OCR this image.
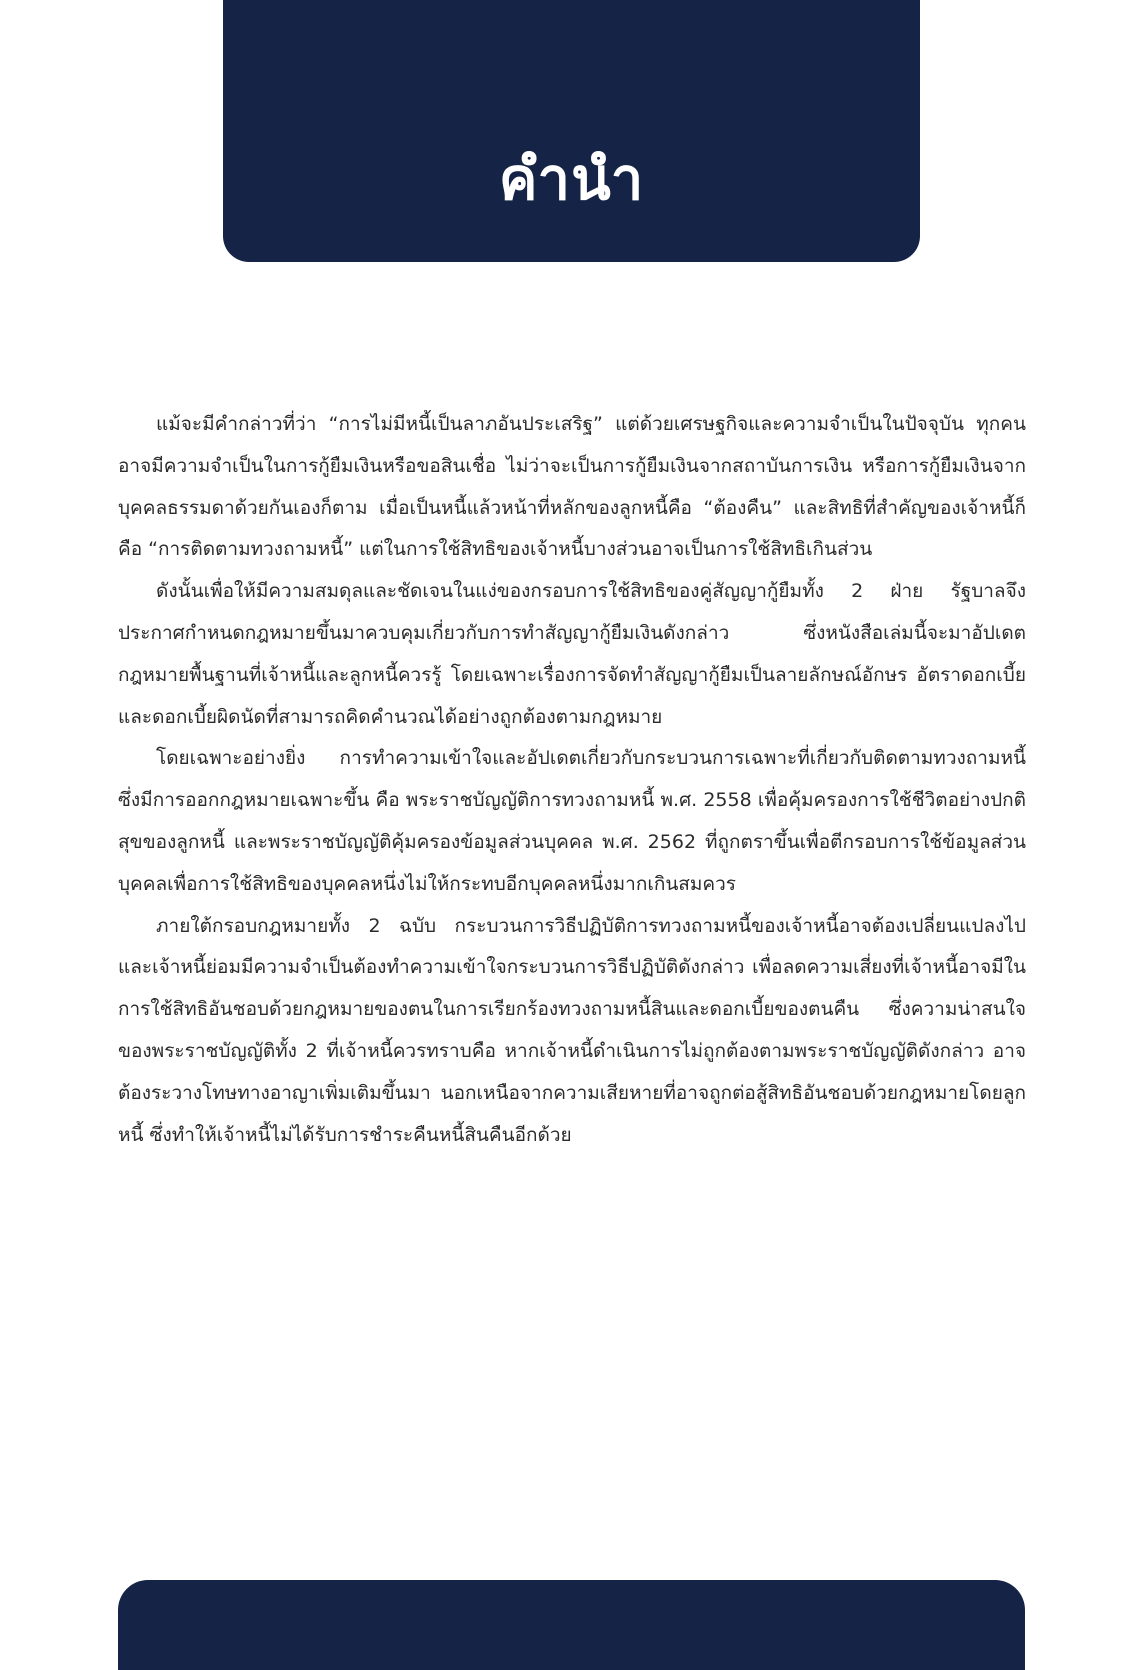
คำนำ

แม้จะมีคำกล่าวที่ว่า “การไม่มีหนี้เป็นลาภอันประเสริฐ” แต่ด้วยเศรษฐกิจและความจำเป็นในปัจจุบัน ทุกคนอาจมีความจำเป็นในการกู้ยืมเงินหรือขอสินเชื่อ ไม่ว่าจะเป็นการกู้ยืมเงินจากสถาบันการเงิน หรือการกู้ยืมเงินจากบุคคลธรรมดาด้วยกันเองก็ตาม เมื่อเป็นหนี้แล้วหน้าที่หลักของลูกหนี้คือ “ต้องคืน” และสิทธิที่สำคัญของเจ้าหนี้ก็คือ “การติดตามทวงถามหนี้” แต่ในการใช้สิทธิของเจ้าหนี้บางส่วนอาจเป็นการใช้สิทธิเกินส่วน

ดังนั้นเพื่อให้มีความสมดุลและชัดเจนในแง่ของกรอบการใช้สิทธิของคู่สัญญากู้ยืมทั้ง 2 ฝ่าย รัฐบาลจึงประกาศกำหนดกฎหมายขึ้นมาควบคุมเกี่ยวกับการทำสัญญากู้ยืมเงินดังกล่าว ซึ่งหนังสือเล่มนี้จะมาอัปเดตกฎหมายพื้นฐานที่เจ้าหนี้และลูกหนี้ควรรู้ โดยเฉพาะเรื่องการจัดทำสัญญากู้ยืมเป็นลายลักษณ์อักษร อัตราดอกเบี้ย และดอกเบี้ยผิดนัดที่สามารถคิดคำนวณได้อย่างถูกต้องตามกฎหมาย

โดยเฉพาะอย่างยิ่ง การทำความเข้าใจและอัปเดตเกี่ยวกับกระบวนการเฉพาะที่เกี่ยวกับติดตามทวงถามหนี้ ซึ่งมีการออกกฎหมายเฉพาะขึ้น คือ พระราชบัญญัติการทวงถามหนี้ พ.ศ. 2558 เพื่อคุ้มครองการใช้ชีวิตอย่างปกติสุขของลูกหนี้ และพระราชบัญญัติคุ้มครองข้อมูลส่วนบุคคล พ.ศ. 2562 ที่ถูกตราขึ้นเพื่อตีกรอบการใช้ข้อมูลส่วนบุคคลเพื่อการใช้สิทธิของบุคคลหนึ่งไม่ให้กระทบอีกบุคคลหนึ่งมากเกินสมควร

ภายใต้กรอบกฎหมายทั้ง 2 ฉบับ กระบวนการวิธีปฏิบัติการทวงถามหนี้ของเจ้าหนี้อาจต้องเปลี่ยนแปลงไป และเจ้าหนี้ย่อมมีความจำเป็นต้องทำความเข้าใจกระบวนการวิธีปฏิบัติดังกล่าว เพื่อลดความเสี่ยงที่เจ้าหนี้อาจมีในการใช้สิทธิอันชอบด้วยกฎหมายของตนในการเรียกร้องทวงถามหนี้สินและดอกเบี้ยของตนคืน ซึ่งความน่าสนใจของพระราชบัญญัติทั้ง 2 ที่เจ้าหนี้ควรทราบคือ หากเจ้าหนี้ดำเนินการไม่ถูกต้องตามพระราชบัญญัติดังกล่าว อาจต้องระวางโทษทางอาญาเพิ่มเติมขึ้นมา นอกเหนือจากความเสียหายที่อาจถูกต่อสู้สิทธิอันชอบด้วยกฎหมายโดยลูกหนี้ ซึ่งทำให้เจ้าหนี้ไม่ได้รับการชำระคืนหนี้สินคืนอีกด้วย
